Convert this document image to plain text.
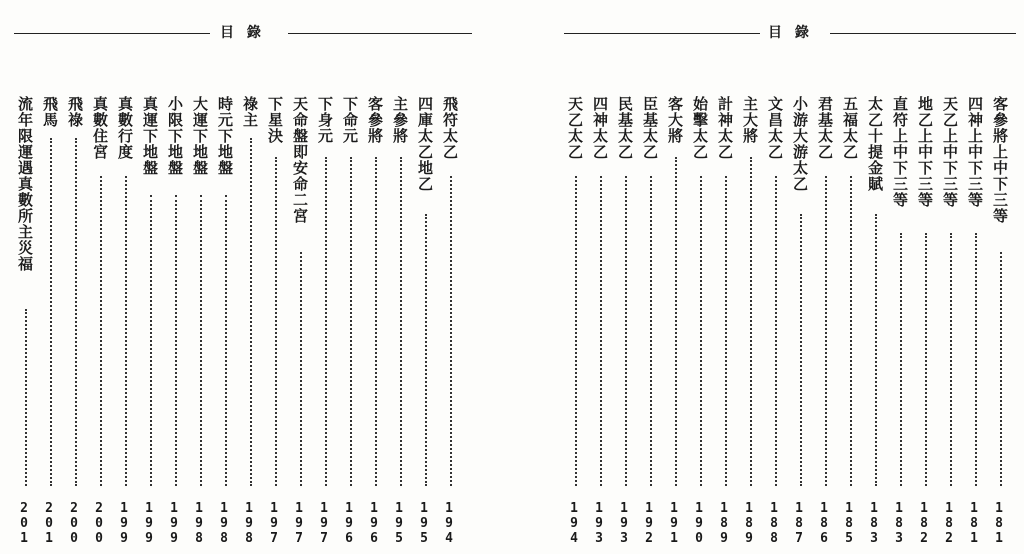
目 錄
飛符太乙
1
9
4
四庫太乙地乙
1
9
5
主參將
1
9
5
客參將
1
9
6
下命元
1
9
6
下身元
1
9
7
天命盤即安命二宮
1
9
7
下星決
1
9
7
祿主
1
9
8
時元下地盤
1
9
8
大運下地盤
1
9
8
小限下地盤
1
9
9
真運下地盤
1
9
9
真數行度
1
9
9
真數住宮
2
0
0
飛祿
2
0
0
飛馬
2
0
1
流年限運遇真數所主災福
2
0
1
目 錄
客參將上中下三等
1
8
1
四神上中下三等
1
8
1
天乙上中下三等
1
8
2
地乙上中下三等
1
8
2
直符上中下三等
1
8
3
太乙十提金賦
1
8
3
五福太乙
1
8
5
君基太乙
1
8
6
小游大游太乙
1
8
7
文昌太乙
1
8
8
主大將
1
8
9
計神太乙
1
8
9
始擊太乙
1
9
0
客大將
1
9
1
臣基太乙
1
9
2
民基太乙
1
9
3
四神太乙
1
9
3
天乙太乙
1
9
4
